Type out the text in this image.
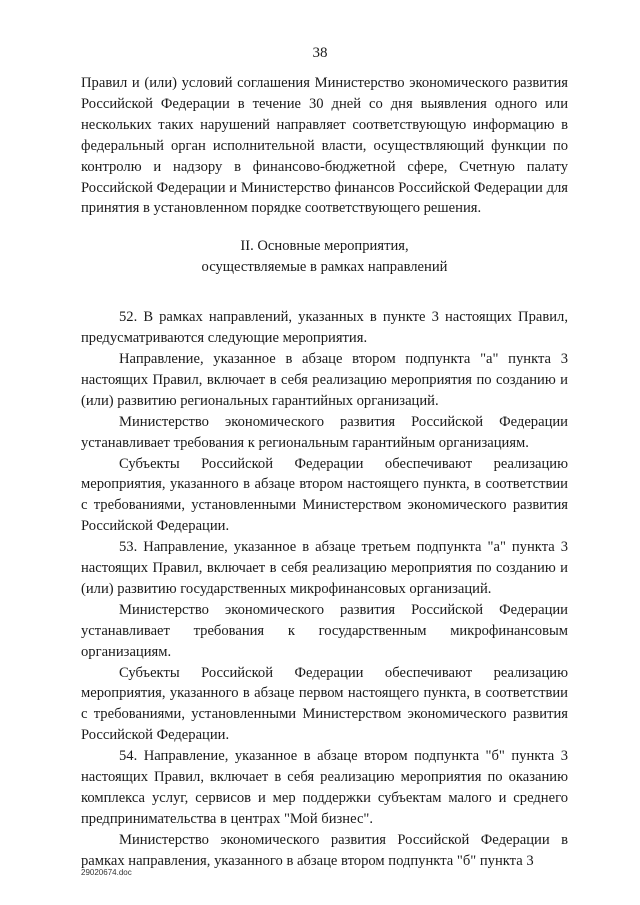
38

Правил и (или) условий соглашения Министерство экономического развития Российской Федерации в течение 30 дней со дня выявления одного или нескольких таких нарушений направляет соответствующую информацию в федеральный орган исполнительной власти, осуществляющий функции по контролю и надзору в финансово-бюджетной сфере, Счетную палату Российской Федерации и Министерство финансов Российской Федерации для принятия в установленном порядке соответствующего решения.

II. Основные мероприятия,
осуществляемые в рамках направлений

52. В рамках направлений, указанных в пункте 3 настоящих Правил, предусматриваются следующие мероприятия.

Направление, указанное в абзаце втором подпункта "а" пункта 3 настоящих Правил, включает в себя реализацию мероприятия по созданию и (или) развитию региональных гарантийных организаций.

Министерство экономического развития Российской Федерации устанавливает требования к региональным гарантийным организациям.

Субъекты Российской Федерации обеспечивают реализацию мероприятия, указанного в абзаце втором настоящего пункта, в соответствии с требованиями, установленными Министерством экономического развития Российской Федерации.

53. Направление, указанное в абзаце третьем подпункта "а" пункта 3 настоящих Правил, включает в себя реализацию мероприятия по созданию и (или) развитию государственных микрофинансовых организаций.

Министерство экономического развития Российской Федерации устанавливает требования к государственным микрофинансовым организациям.

Субъекты Российской Федерации обеспечивают реализацию мероприятия, указанного в абзаце первом настоящего пункта, в соответствии с требованиями, установленными Министерством экономического развития Российской Федерации.

54. Направление, указанное в абзаце втором подпункта "б" пункта 3 настоящих Правил, включает в себя реализацию мероприятия по оказанию комплекса услуг, сервисов и мер поддержки субъектам малого и среднего предпринимательства в центрах "Мой бизнес".

Министерство экономического развития Российской Федерации в рамках направления, указанного в абзаце втором подпункта "б" пункта 3

29020674.doc
